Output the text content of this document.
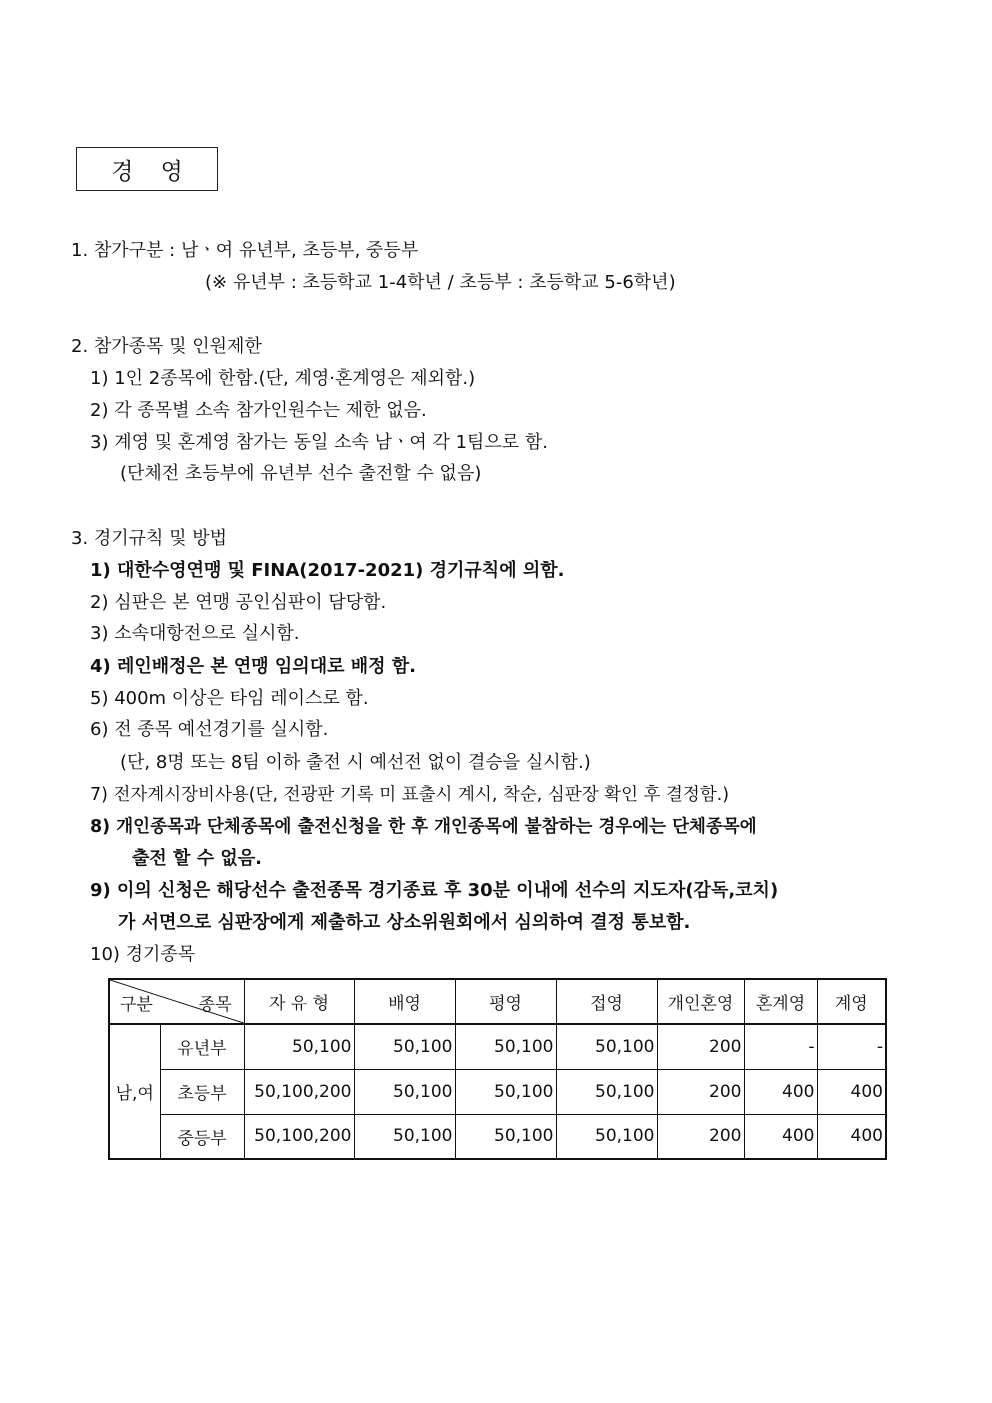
경 영
1. 참가구분 : 남ㆍ여 유년부, 초등부, 중등부
(※ 유년부 : 초등학교 1-4학년 / 초등부 : 초등학교 5-6학년)
2. 참가종목 및 인원제한
1) 1인 2종목에 한함.(단, 계영·혼계영은 제외함.)
2) 각 종목별 소속 참가인원수는 제한 없음.
3) 계영 및 혼계영 참가는 동일 소속 남ㆍ여 각 1팀으로 함.
(단체전 초등부에 유년부 선수 출전할 수 없음)
3. 경기규칙 및 방법
1) 대한수영연맹 및 FINA(2017-2021) 경기규칙에 의함.
2) 심판은 본 연맹 공인심판이 담당함.
3) 소속대항전으로 실시함.
4) 레인배정은 본 연맹 임의대로 배정 함.
5) 400m 이상은 타임 레이스로 함.
6) 전 종목 예선경기를 실시함.
(단, 8명 또는 8팀 이하 출전 시 예선전 없이 결승을 실시함.)
7) 전자계시장비사용(단, 전광판 기록 미 표출시 계시, 착순, 심판장 확인 후 결정함.)
8) 개인종목과 단체종목에 출전신청을 한 후 개인종목에 불참하는 경우에는 단체종목에
출전 할 수 없음.
9) 이의 신청은 해당선수 출전종목 경기종료 후 30분 이내에 선수의 지도자(감독,코치)
가 서면으로 심판장에게 제출하고 상소위원회에서 심의하여 결정 통보함.
10) 경기종목
구분 종목		자 유 형	배영	평영	접영	개인혼영	혼계영	계영
남,여	유년부	50,100	50,100	50,100	50,100	200	-	-
	초등부	50,100,200	50,100	50,100	50,100	200	400	400
	중등부	50,100,200	50,100	50,100	50,100	200	400	400
